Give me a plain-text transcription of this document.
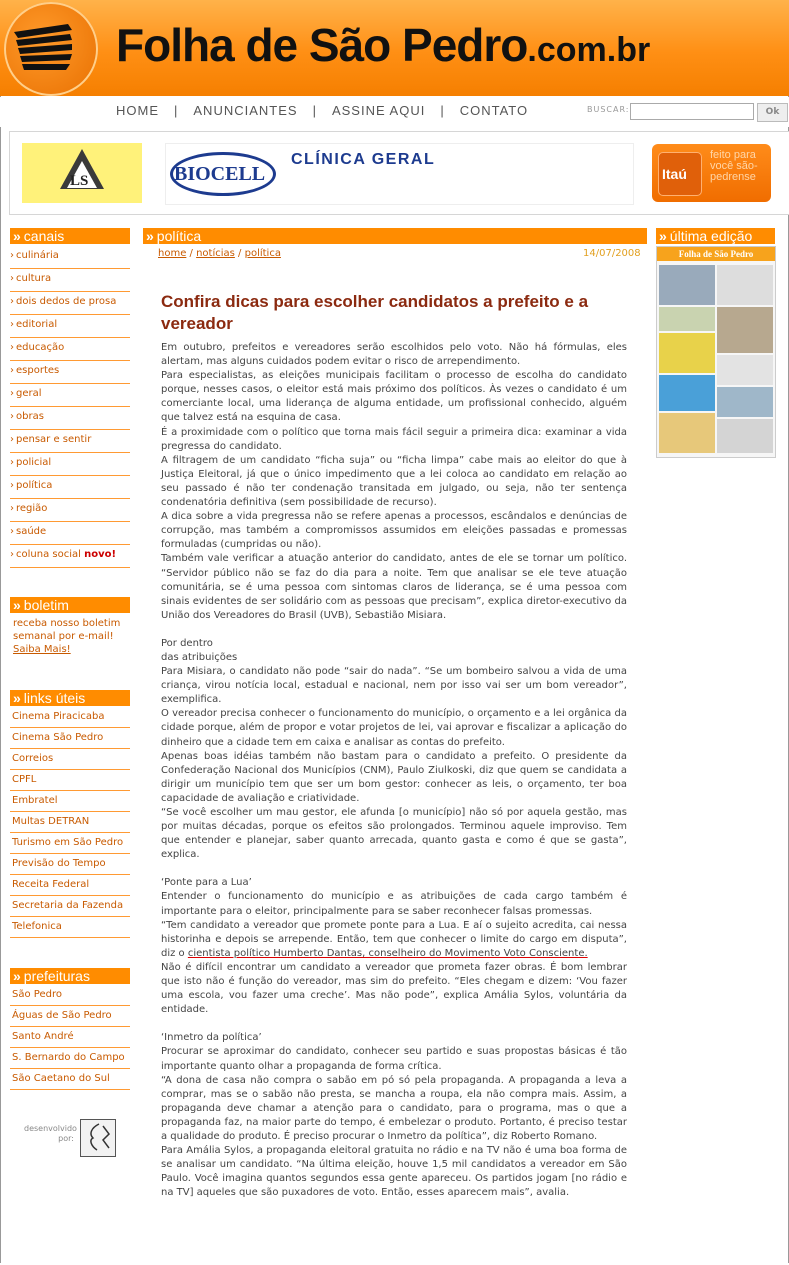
Folha de São Pedro.com.br
HOME | ANUNCIANTES | ASSINE AQUI | CONTATO	BUSCAR:	Ok
LS	BIOCELL
CLÍNICA GERAL
Itaú
feito para você são-pedrense
» canais
› culinária
› cultura
› dois dedos de prosa
› editorial
› educação
› esportes
› geral
› obras
› pensar e sentir
› policial
› política
› região
› saúde
› coluna social novo!
» boletim
receba nosso boletim semanal por e-mail!
Saiba Mais!
» links úteis
Cinema Piracicaba
Cinema São Pedro
Correios
CPFL
Embratel
Multas DETRAN
Turismo em São Pedro
Previsão do Tempo
Receita Federal
Secretaria da Fazenda
Telefonica
» prefeituras
São Pedro
Águas de São Pedro
Santo André
S. Bernardo do Campo
São Caetano do Sul
desenvolvido por:
» política
home / notícias / política	14/07/2008
Confira dicas para escolher candidatos a prefeito e a vereador

Em outubro, prefeitos e vereadores serão escolhidos pelo voto. Não há fórmulas, eles alertam, mas alguns cuidados podem evitar o risco de arrependimento.

Para especialistas, as eleições municipais facilitam o processo de escolha do candidato porque, nesses casos, o eleitor está mais próximo dos políticos. Às vezes o candidato é um comerciante local, uma liderança de alguma entidade, um profissional conhecido, alguém que talvez está na esquina de casa.

É a proximidade com o político que torna mais fácil seguir a primeira dica: examinar a vida pregressa do candidato.

A filtragem de um candidato “ficha suja” ou “ficha limpa” cabe mais ao eleitor do que à Justiça Eleitoral, já que o único impedimento que a lei coloca ao candidato em relação ao seu passado é não ter condenação transitada em julgado, ou seja, não ter sentença condenatória definitiva (sem possibilidade de recurso).

A dica sobre a vida pregressa não se refere apenas a processos, escândalos e denúncias de corrupção, mas também a compromissos assumidos em eleições passadas e promessas formuladas (cumpridas ou não).

Também vale verificar a atuação anterior do candidato, antes de ele se tornar um político. “Servidor público não se faz do dia para a noite. Tem que analisar se ele teve atuação comunitária, se é uma pessoa com sintomas claros de liderança, se é uma pessoa com sinais evidentes de ser solidário com as pessoas que precisam”, explica diretor-executivo da União dos Vereadores do Brasil (UVB), Sebastião Misiara.

Por dentro

das atribuições

Para Misiara, o candidato não pode “sair do nada”. “Se um bombeiro salvou a vida de uma criança, virou notícia local, estadual e nacional, nem por isso vai ser um bom vereador”, exemplifica.

O vereador precisa conhecer o funcionamento do município, o orçamento e a lei orgânica da cidade porque, além de propor e votar projetos de lei, vai aprovar e fiscalizar a aplicação do dinheiro que a cidade tem em caixa e analisar as contas do prefeito.

Apenas boas idéias também não bastam para o candidato a prefeito. O presidente da Confederação Nacional dos Municípios (CNM), Paulo Ziulkoski, diz que quem se candidata a dirigir um município tem que ser um bom gestor: conhecer as leis, o orçamento, ter boa capacidade de avaliação e criatividade.

“Se você escolher um mau gestor, ele afunda [o município] não só por aquela gestão, mas por muitas décadas, porque os efeitos são prolongados. Terminou aquele improviso. Tem que entender e planejar, saber quanto arrecada, quanto gasta e como é que se gasta”, explica.

‘Ponte para a Lua’

Entender o funcionamento do município e as atribuições de cada cargo também é importante para o eleitor, principalmente para se saber reconhecer falsas promessas.

“Tem candidato a vereador que promete ponte para a Lua. E aí o sujeito acredita, cai nessa historinha e depois se arrepende. Então, tem que conhecer o limite do cargo em disputa”, diz o cientista político Humberto Dantas, conselheiro do Movimento Voto Consciente.

Não é difícil encontrar um candidato a vereador que prometa fazer obras. É bom lembrar que isto não é função do vereador, mas sim do prefeito. “Eles chegam e dizem: ‘Vou fazer uma escola, vou fazer uma creche’. Mas não pode”, explica Amália Sylos, voluntária da entidade.

‘Inmetro da política’

Procurar se aproximar do candidato, conhecer seu partido e suas propostas básicas é tão importante quanto olhar a propaganda de forma crítica.

“A dona de casa não compra o sabão em pó só pela propaganda. A propaganda a leva a comprar, mas se o sabão não presta, se mancha a roupa, ela não compra mais. Assim, a propaganda deve chamar a atenção para o candidato, para o programa, mas o que a propaganda faz, na maior parte do tempo, é embelezar o produto. Portanto, é preciso testar a qualidade do produto. É preciso procurar o Inmetro da política”, diz Roberto Romano.

Para Amália Sylos, a propaganda eleitoral gratuita no rádio e na TV não é uma boa forma de se analisar um candidato. “Na última eleição, houve 1,5 mil candidatos a vereador em São Paulo. Você imagina quantos segundos essa gente apareceu. Os partidos jogam [no rádio e na TV] aqueles que são puxadores de voto. Então, esses aparecem mais”, avalia.

» última edição
Folha de São Pedro
